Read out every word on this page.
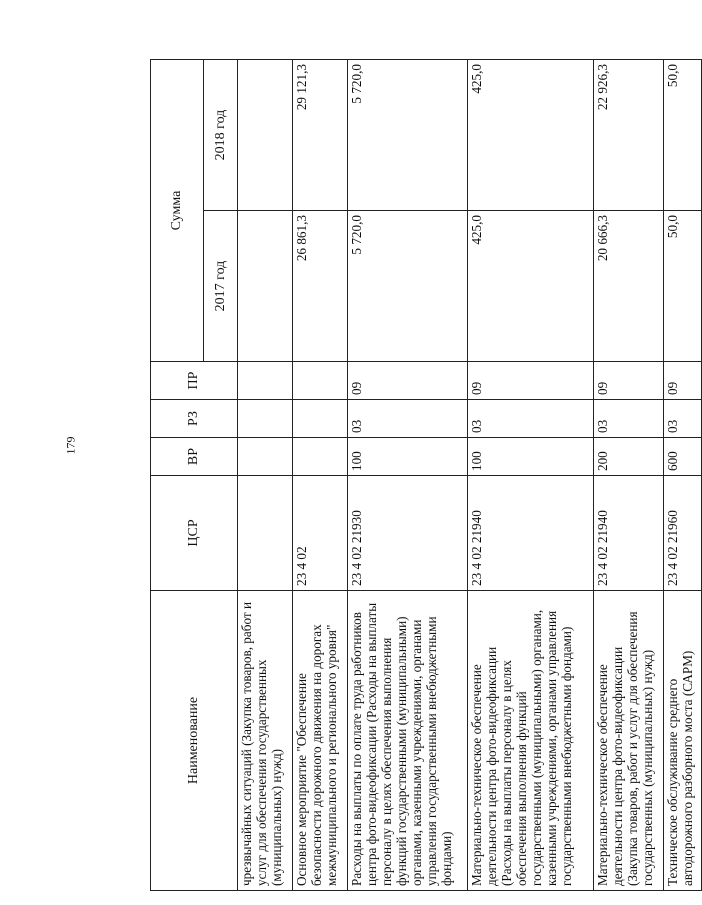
179
Наименование	ЦСР	ВР	РЗ	ПР	Сумма	
					2017 год	2018 год
чрезвычайных ситуаций (Закупка товаров, работ и услуг для обеспечения государственных (муниципальных) нужд)						
Основное мероприятие "Обеспечение безопасности дорожного движения на дорогах межмуниципального и регионального уровня"	23 4 02				26 861,3	29 121,3
Расходы на выплаты по оплате труда работников центра фото-видеофиксации (Расходы на выплаты персоналу в целях обеспечения выполнения функций государственными (муниципальными) органами, казенными учреждениями, органами управления государственными внебюджетными фондами)	23 4 02 21930	100	03	09	5 720,0	5 720,0
Материально-техническое обеспечение деятельности центра фото-видеофиксации (Расходы на выплаты персоналу в целях обеспечения выполнения функций государственными (муниципальными) органами, казенными учреждениями, органами управления государственными внебюджетными фондами)	23 4 02 21940	100	03	09	425,0	425,0
Материально-техническое обеспечение деятельности центра фото-видеофиксации (Закупка товаров, работ и услуг для обеспечения государственных (муниципальных) нужд)	23 4 02 21940	200	03	09	20 666,3	22 926,3
Техническое обслуживание среднего автодорожного разборного моста (САРМ)	23 4 02 21960	600	03	09	50,0	50,0
